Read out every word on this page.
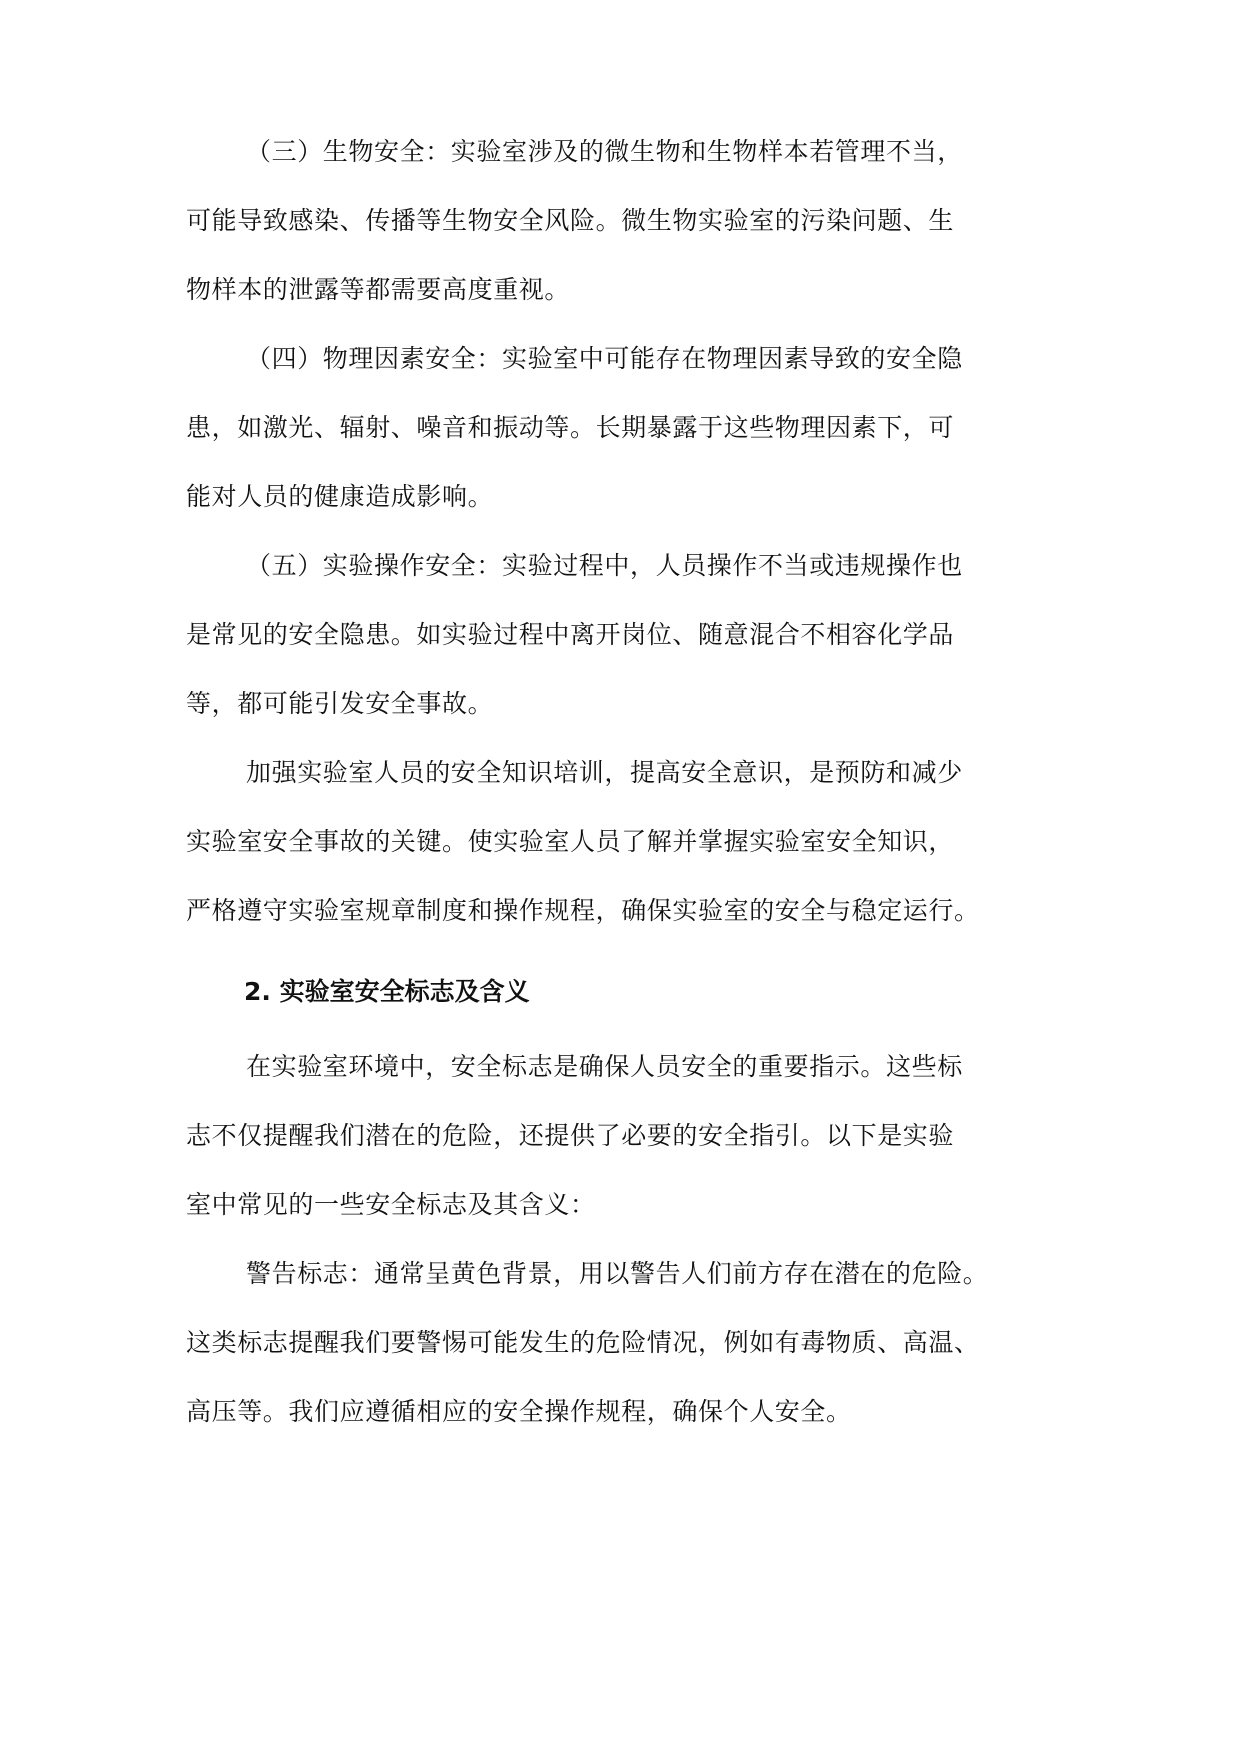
（三）生物安全：实验室涉及的微生物和生物样本若管理不当，
可能导致感染、传播等生物安全风险。微生物实验室的污染问题、生
物样本的泄露等都需要高度重视。
（四）物理因素安全：实验室中可能存在物理因素导致的安全隐
患，如激光、辐射、噪音和振动等。长期暴露于这些物理因素下，可
能对人员的健康造成影响。
（五）实验操作安全：实验过程中，人员操作不当或违规操作也
是常见的安全隐患。如实验过程中离开岗位、随意混合不相容化学品
等，都可能引发安全事故。
加强实验室人员的安全知识培训，提高安全意识，是预防和减少
实验室安全事故的关键。使实验室人员了解并掌握实验室安全知识，
严格遵守实验室规章制度和操作规程，确保实验室的安全与稳定运行。
2. 实验室安全标志及含义
在实验室环境中，安全标志是确保人员安全的重要指示。这些标
志不仅提醒我们潜在的危险，还提供了必要的安全指引。以下是实验
室中常见的一些安全标志及其含义：
警告标志：通常呈黄色背景，用以警告人们前方存在潜在的危险。
这类标志提醒我们要警惕可能发生的危险情况，例如有毒物质、高温、
高压等。我们应遵循相应的安全操作规程，确保个人安全。
